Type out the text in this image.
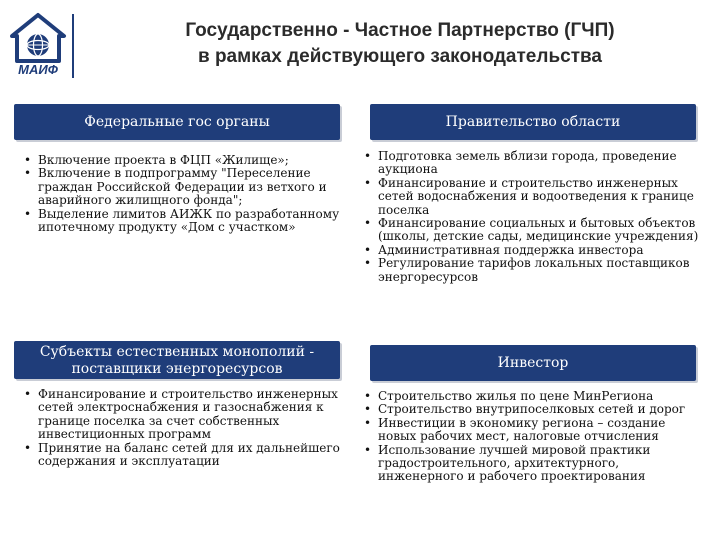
МАИФ
Государственно - Частное Партнерство (ГЧП)
в рамках действующего законодательства
Федеральные гос органы
• Включение проекта в ФЦП «Жилище»;
• Включение в подпрограмму "Переселение граждан Российской Федерации из ветхого и аварийного жилищного фонда";
• Выделение лимитов АИЖК по разработанному ипотечному продукту «Дом с участком»
Правительство области
• Подготовка земель вблизи города, проведение аукциона
• Финансирование и строительство инженерных сетей водоснабжения и водоотведения к границе поселка
• Финансирование социальных и бытовых объектов (школы, детские сады, медицинские учреждения)
• Административная поддержка инвестора
• Регулирование тарифов локальных поставщиков энергоресурсов
Субъекты естественных монополий -
поставщики энергоресурсов
• Финансирование и строительство инженерных сетей электроснабжения и газоснабжения к границе поселка за счет собственных инвестиционных программ
• Принятие на баланс сетей для их дальнейшего содержания и эксплуатации
Инвестор
• Строительство жилья по цене МинРегиона
• Строительство внутрипоселковых сетей и дорог
• Инвестиции в экономику региона – создание новых рабочих мест, налоговые отчисления
• Использование лучшей мировой практики градостроительного, архитектурного, инженерного и рабочего проектирования
